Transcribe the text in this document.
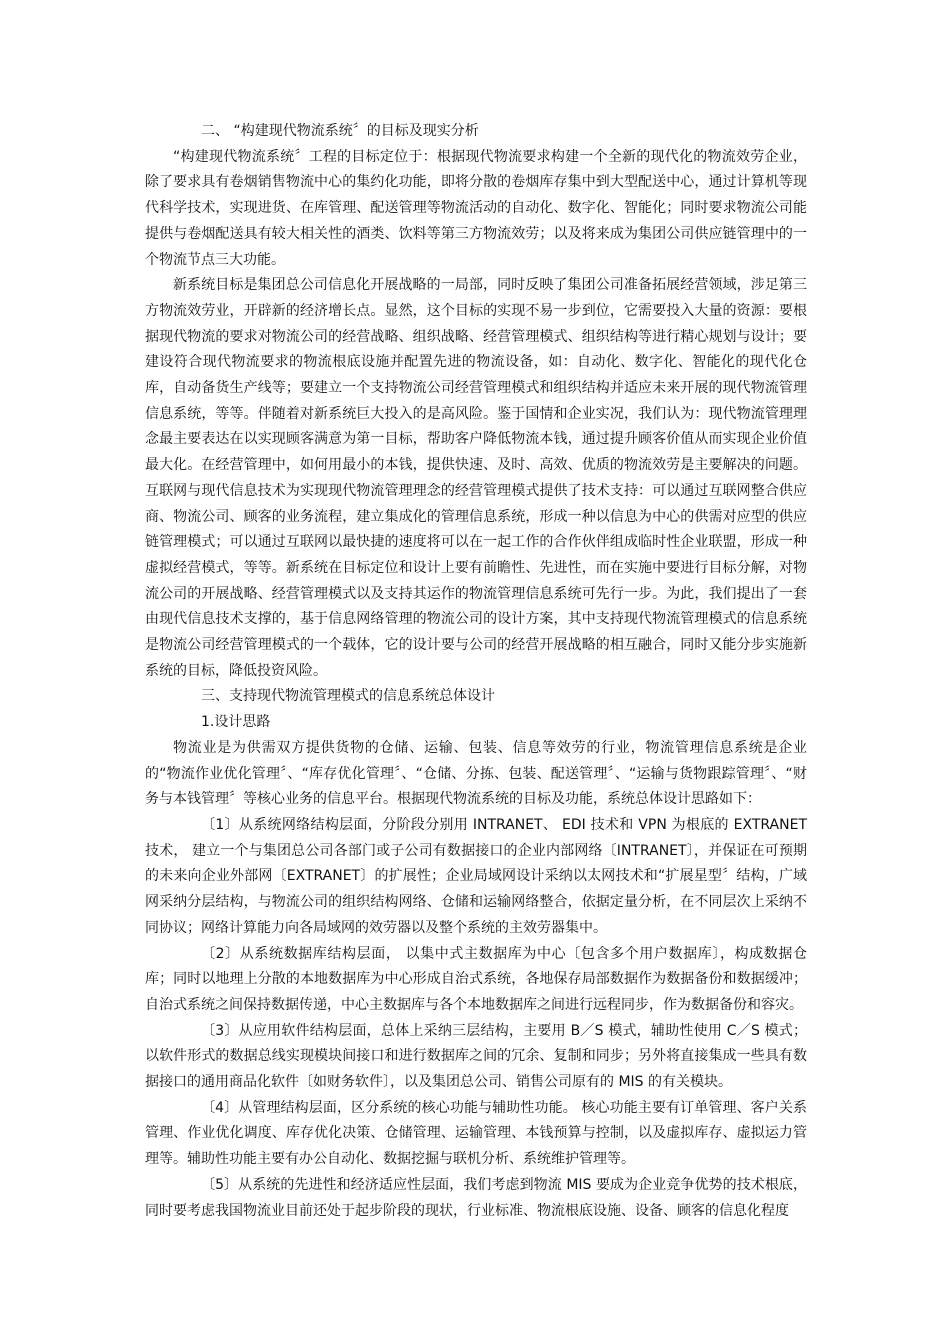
二、 “构建现代物流系统〞的目标及现实分析

“构建现代物流系统〞工程的目标定位于：根据现代物流要求构建一个全新的现代化的物流效劳企业，除了要求具有卷烟销售物流中心的集约化功能，即将分散的卷烟库存集中到大型配送中心，通过计算机等现代科学技术，实现进货、在库管理、配送管理等物流活动的自动化、数字化、智能化；同时要求物流公司能提供与卷烟配送具有较大相关性的酒类、饮料等第三方物流效劳；以及将来成为集团公司供应链管理中的一个物流节点三大功能。

新系统目标是集团总公司信息化开展战略的一局部，同时反映了集团公司准备拓展经营领域，涉足第三方物流效劳业，开辟新的经济增长点。显然，这个目标的实现不易一步到位，它需要投入大量的资源：要根据现代物流的要求对物流公司的经营战略、组织战略、经营管理模式、组织结构等进行精心规划与设计；要建设符合现代物流要求的物流根底设施并配置先进的物流设备，如：自动化、数字化、智能化的现代化仓库，自动备货生产线等；要建立一个支持物流公司经营管理模式和组织结构并适应未来开展的现代物流管理信息系统，等等。伴随着对新系统巨大投入的是高风险。鉴于国情和企业实况，我们认为：现代物流管理理念最主要表达在以实现顾客满意为第一目标，帮助客户降低物流本钱，通过提升顾客价值从而实现企业价值最大化。在经营管理中，如何用最小的本钱，提供快速、及时、高效、优质的物流效劳是主要解决的问题。互联网与现代信息技术为实现现代物流管理理念的经营管理模式提供了技术支持：可以通过互联网整合供应商、物流公司、顾客的业务流程，建立集成化的管理信息系统，形成一种以信息为中心的供需对应型的供应链管理模式；可以通过互联网以最快捷的速度将可以在一起工作的合作伙伴组成临时性企业联盟，形成一种虚拟经营模式，等等。新系统在目标定位和设计上要有前瞻性、先进性，而在实施中要进行目标分解，对物流公司的开展战略、经营管理模式以及支持其运作的物流管理信息系统可先行一步。为此，我们提出了一套由现代信息技术支撑的，基于信息网络管理的物流公司的设计方案，其中支持现代物流管理模式的信息系统是物流公司经营管理模式的一个载体，它的设计要与公司的经营开展战略的相互融合，同时又能分步实施新系统的目标，降低投资风险。

三、支持现代物流管理模式的信息系统总体设计

1.设计思路

物流业是为供需双方提供货物的仓储、运输、包装、信息等效劳的行业，物流管理信息系统是企业的“物流作业优化管理〞、“库存优化管理〞、“仓储、分拣、包装、配送管理〞、“运输与货物跟踪管理〞、“财务与本钱管理〞等核心业务的信息平台。根据现代物流系统的目标及功能，系统总体设计思路如下：

〔1〕从系统网络结构层面，分阶段分别用 INTRANET、 EDI 技术和 VPN 为根底的 EXTRANET 技术， 建立一个与集团总公司各部门或子公司有数据接口的企业内部网络〔INTRANET〕，并保证在可预期的未来向企业外部网〔EXTRANET〕的扩展性；企业局域网设计采纳以太网技术和“扩展星型〞结构，广域网采纳分层结构，与物流公司的组织结构网络、仓储和运输网络整合，依据定量分析，在不同层次上采纳不同协议；网络计算能力向各局域网的效劳器以及整个系统的主效劳器集中。

〔2〕从系统数据库结构层面， 以集中式主数据库为中心〔包含多个用户数据库〕，构成数据仓库；同时以地理上分散的本地数据库为中心形成自治式系统，各地保存局部数据作为数据备份和数据缓冲；自治式系统之间保持数据传递，中心主数据库与各个本地数据库之间进行远程同步，作为数据备份和容灾。

〔3〕从应用软件结构层面，总体上采纳三层结构，主要用 B／S 模式，辅助性使用 C／S 模式；以软件形式的数据总线实现模块间接口和进行数据库之间的冗余、复制和同步；另外将直接集成一些具有数据接口的通用商品化软件〔如财务软件〕，以及集团总公司、销售公司原有的 MIS 的有关模块。

〔4〕从管理结构层面，区分系统的核心功能与辅助性功能。 核心功能主要有订单管理、客户关系管理、作业优化调度、库存优化决策、仓储管理、运输管理、本钱预算与控制，以及虚拟库存、虚拟运力管理等。辅助性功能主要有办公自动化、数据挖掘与联机分析、系统维护管理等。

〔5〕从系统的先进性和经济适应性层面，我们考虑到物流 MIS 要成为企业竞争优势的技术根底，同时要考虑我国物流业目前还处于起步阶段的现状，行业标准、物流根底设施、设备、顾客的信息化程度
